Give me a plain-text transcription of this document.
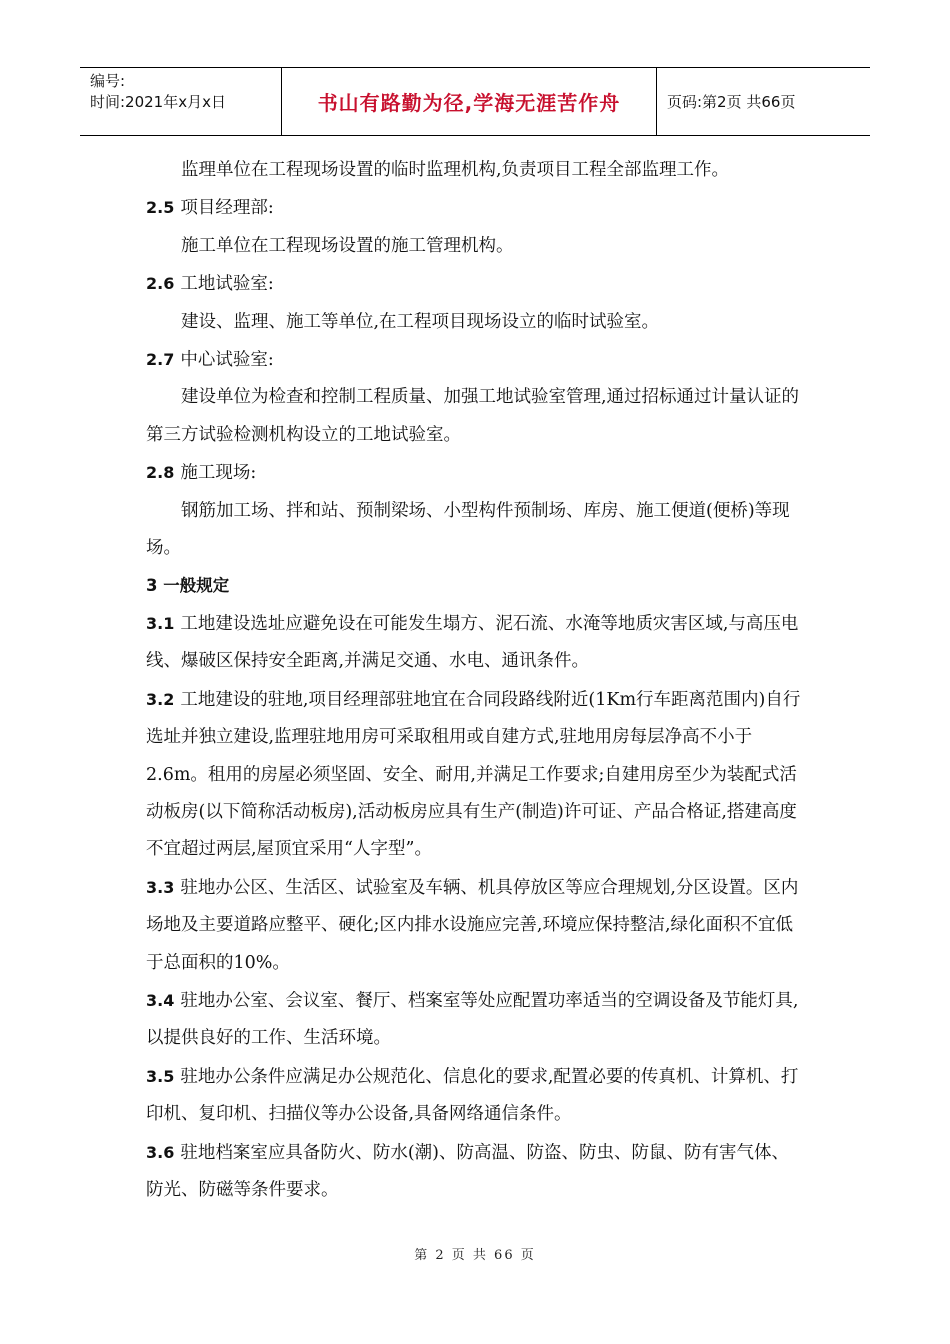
编号:
时间:2021年x月x日	书山有路勤为径,学海无涯苦作舟	页码:第2页 共66页

监理单位在工程现场设置的临时监理机构,负责项目工程全部监理工作。

2.5 项目经理部:

施工单位在工程现场设置的施工管理机构。

2.6 工地试验室:

建设、监理、施工等单位,在工程项目现场设立的临时试验室。

2.7 中心试验室:

建设单位为检查和控制工程质量、加强工地试验室管理,通过招标通过计量认证的第三方试验检测机构设立的工地试验室。

2.8 施工现场:

钢筋加工场、拌和站、预制梁场、小型构件预制场、库房、施工便道(便桥)等现场。

3 一般规定

3.1 工地建设选址应避免设在可能发生塌方、泥石流、水淹等地质灾害区域,与高压电线、爆破区保持安全距离,并满足交通、水电、通讯条件。

3.2 工地建设的驻地,项目经理部驻地宜在合同段路线附近(1Km行车距离范围内)自行选址并独立建设,监理驻地用房可采取租用或自建方式,驻地用房每层净高不小于2.6m。租用的房屋必须坚固、安全、耐用,并满足工作要求;自建用房至少为装配式活动板房(以下简称活动板房),活动板房应具有生产(制造)许可证、产品合格证,搭建高度不宜超过两层,屋顶宜采用“人字型”。

3.3 驻地办公区、生活区、试验室及车辆、机具停放区等应合理规划,分区设置。区内场地及主要道路应整平、硬化;区内排水设施应完善,环境应保持整洁,绿化面积不宜低于总面积的10%。

3.4 驻地办公室、会议室、餐厅、档案室等处应配置功率适当的空调设备及节能灯具,以提供良好的工作、生活环境。

3.5 驻地办公条件应满足办公规范化、信息化的要求,配置必要的传真机、计算机、打印机、复印机、扫描仪等办公设备,具备网络通信条件。

3.6 驻地档案室应具备防火、防水(潮)、防高温、防盗、防虫、防鼠、防有害气体、防光、防磁等条件要求。

第 2 页 共 66 页
